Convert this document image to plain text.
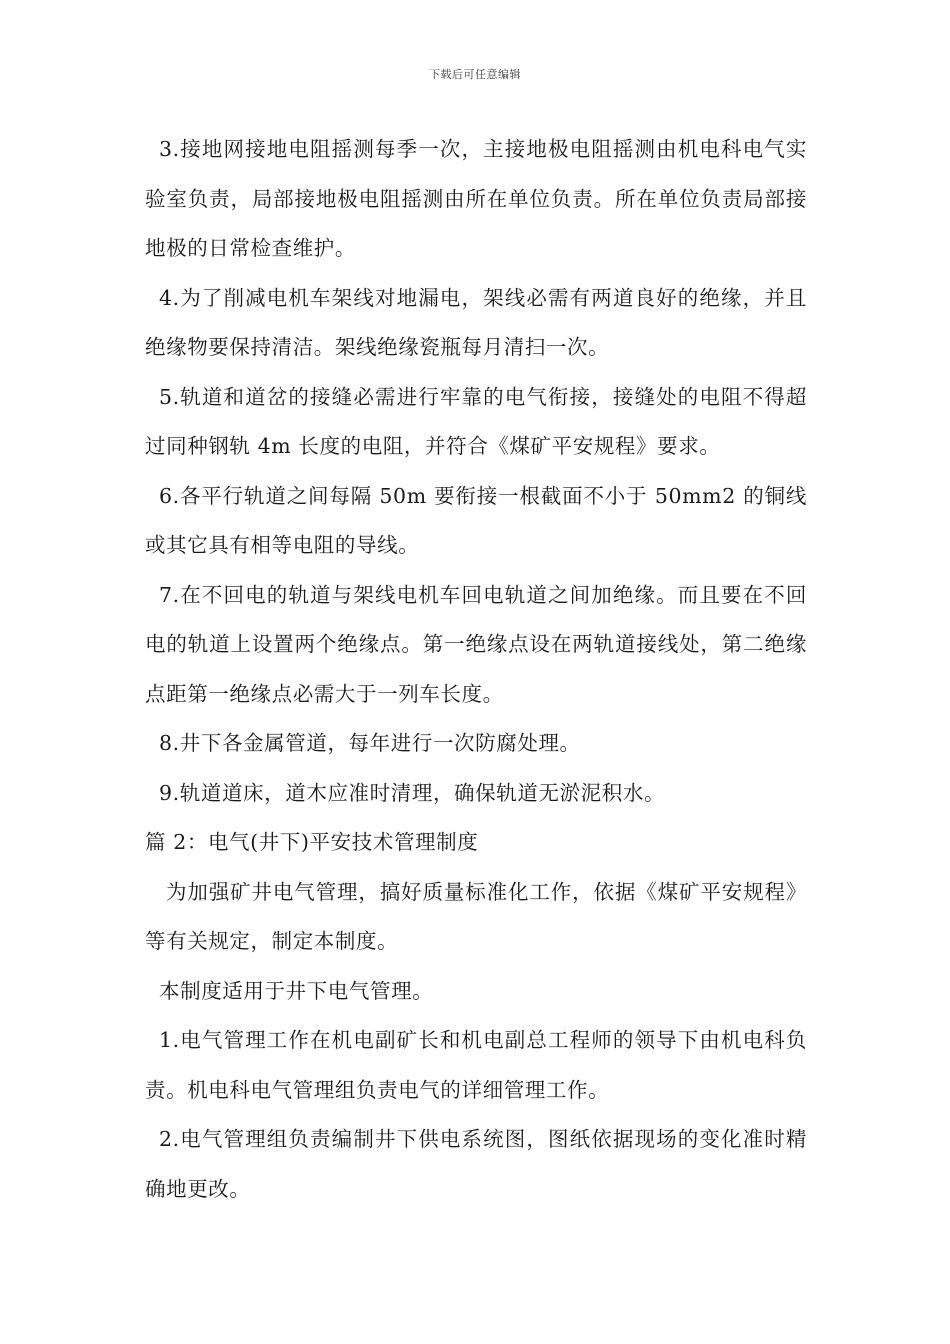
下载后可任意编辑

3.接地网接地电阻摇测每季一次，主接地极电阻摇测由机电科电气实验室负责，局部接地极电阻摇测由所在单位负责。所在单位负责局部接地极的日常检查维护。

4.为了削减电机车架线对地漏电，架线必需有两道良好的绝缘，并且绝缘物要保持清洁。架线绝缘瓷瓶每月清扫一次。

5.轨道和道岔的接缝必需进行牢靠的电气衔接，接缝处的电阻不得超过同种钢轨 4m 长度的电阻，并符合《煤矿平安规程》要求。

6.各平行轨道之间每隔 50m 要衔接一根截面不小于 50mm2 的铜线或其它具有相等电阻的导线。

7.在不回电的轨道与架线电机车回电轨道之间加绝缘。而且要在不回电的轨道上设置两个绝缘点。第一绝缘点设在两轨道接线处，第二绝缘点距第一绝缘点必需大于一列车长度。

8.井下各金属管道，每年进行一次防腐处理。

9.轨道道床，道木应准时清理，确保轨道无淤泥积水。

篇 2：电气(井下)平安技术管理制度

为加强矿井电气管理，搞好质量标准化工作，依据《煤矿平安规程》等有关规定，制定本制度。

本制度适用于井下电气管理。

1.电气管理工作在机电副矿长和机电副总工程师的领导下由机电科负责。机电科电气管理组负责电气的详细管理工作。

2.电气管理组负责编制井下供电系统图，图纸依据现场的变化准时精确地更改。
